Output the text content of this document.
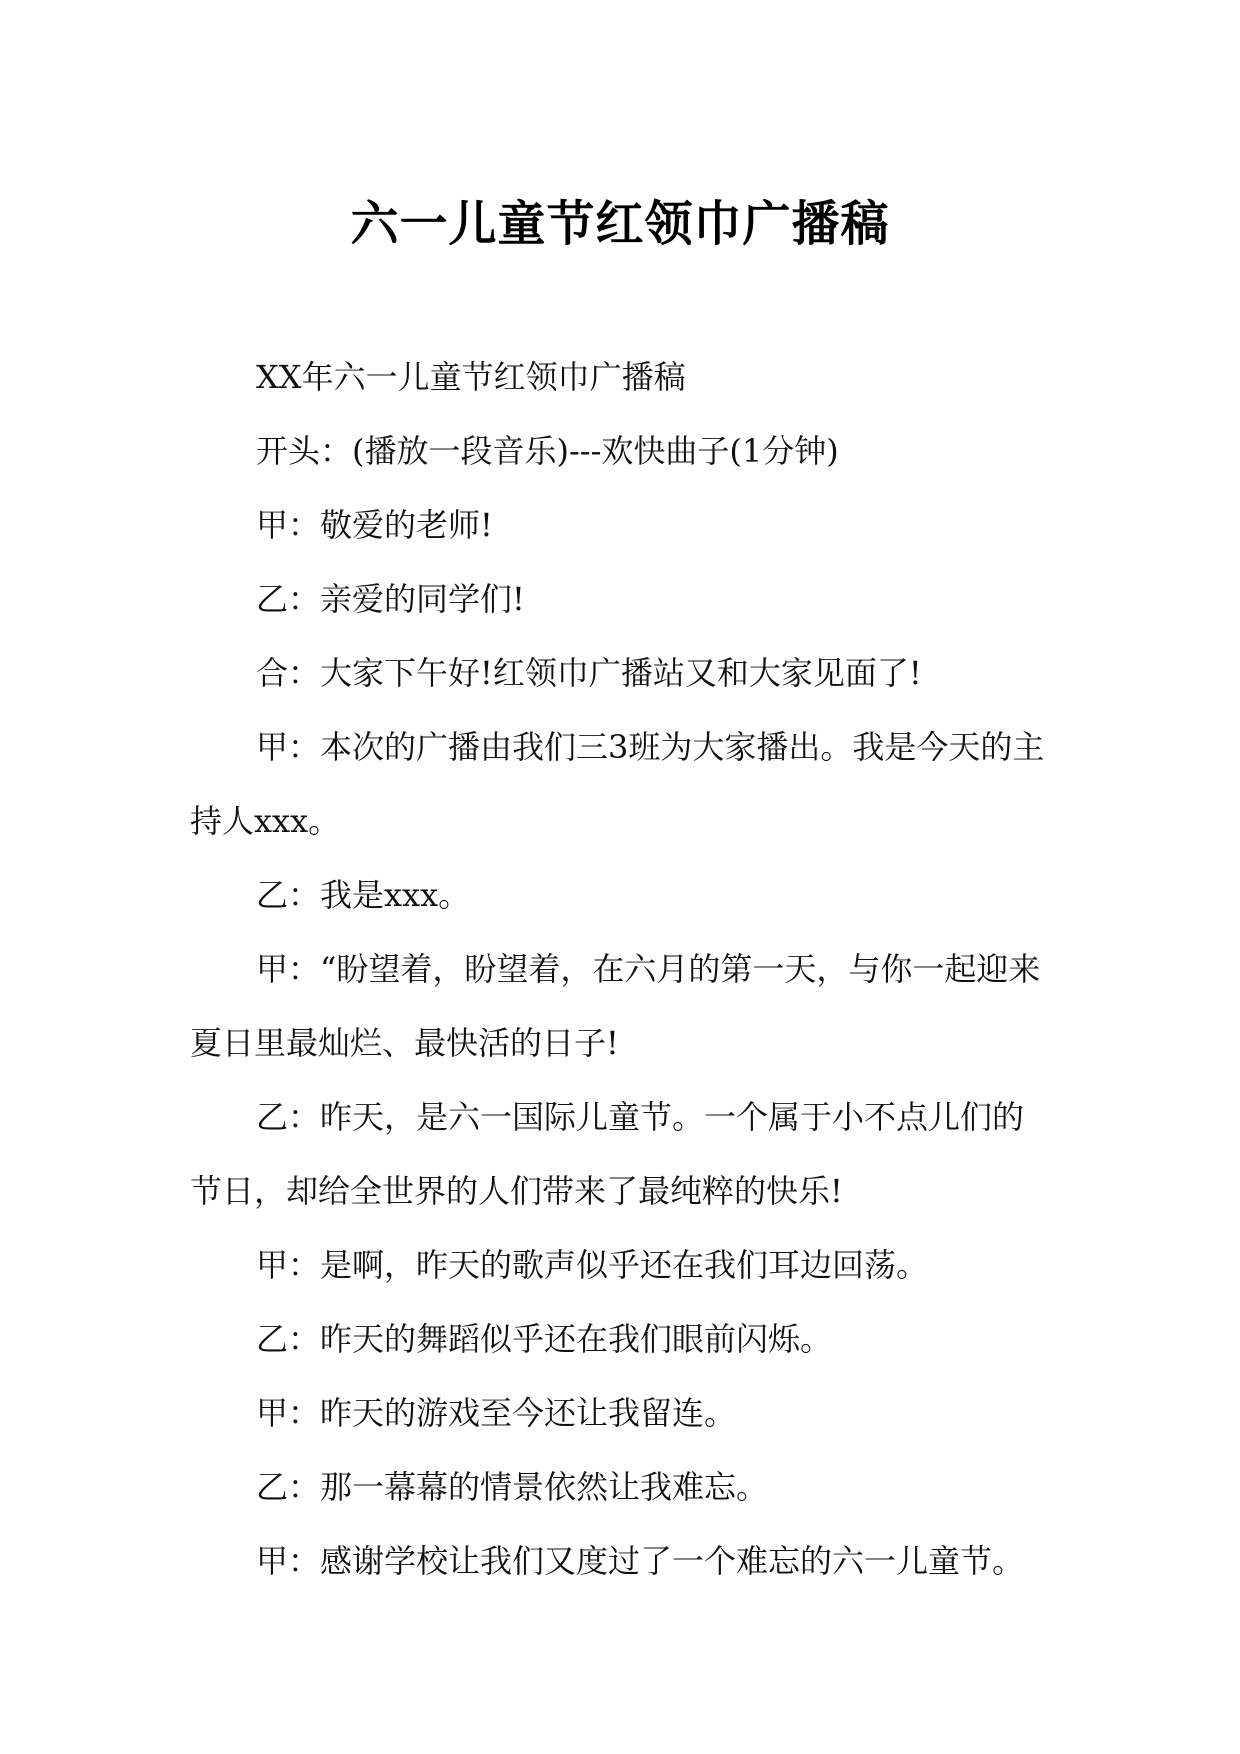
六一儿童节红领巾广播稿

XX年六一儿童节红领巾广播稿

开头：(播放一段音乐)---欢快曲子(1分钟)

甲：敬爱的老师!

乙：亲爱的同学们!

合：大家下午好!红领巾广播站又和大家见面了!

甲：本次的广播由我们三3班为大家播出。我是今天的主持人xxx。

乙：我是xxx。

甲：“盼望着，盼望着，在六月的第一天，与你一起迎来夏日里最灿烂、最快活的日子!

乙：昨天，是六一国际儿童节。一个属于小不点儿们的节日，却给全世界的人们带来了最纯粹的快乐!

甲：是啊，昨天的歌声似乎还在我们耳边回荡。

乙：昨天的舞蹈似乎还在我们眼前闪烁。

甲：昨天的游戏至今还让我留连。

乙：那一幕幕的情景依然让我难忘。

甲：感谢学校让我们又度过了一个难忘的六一儿童节。
